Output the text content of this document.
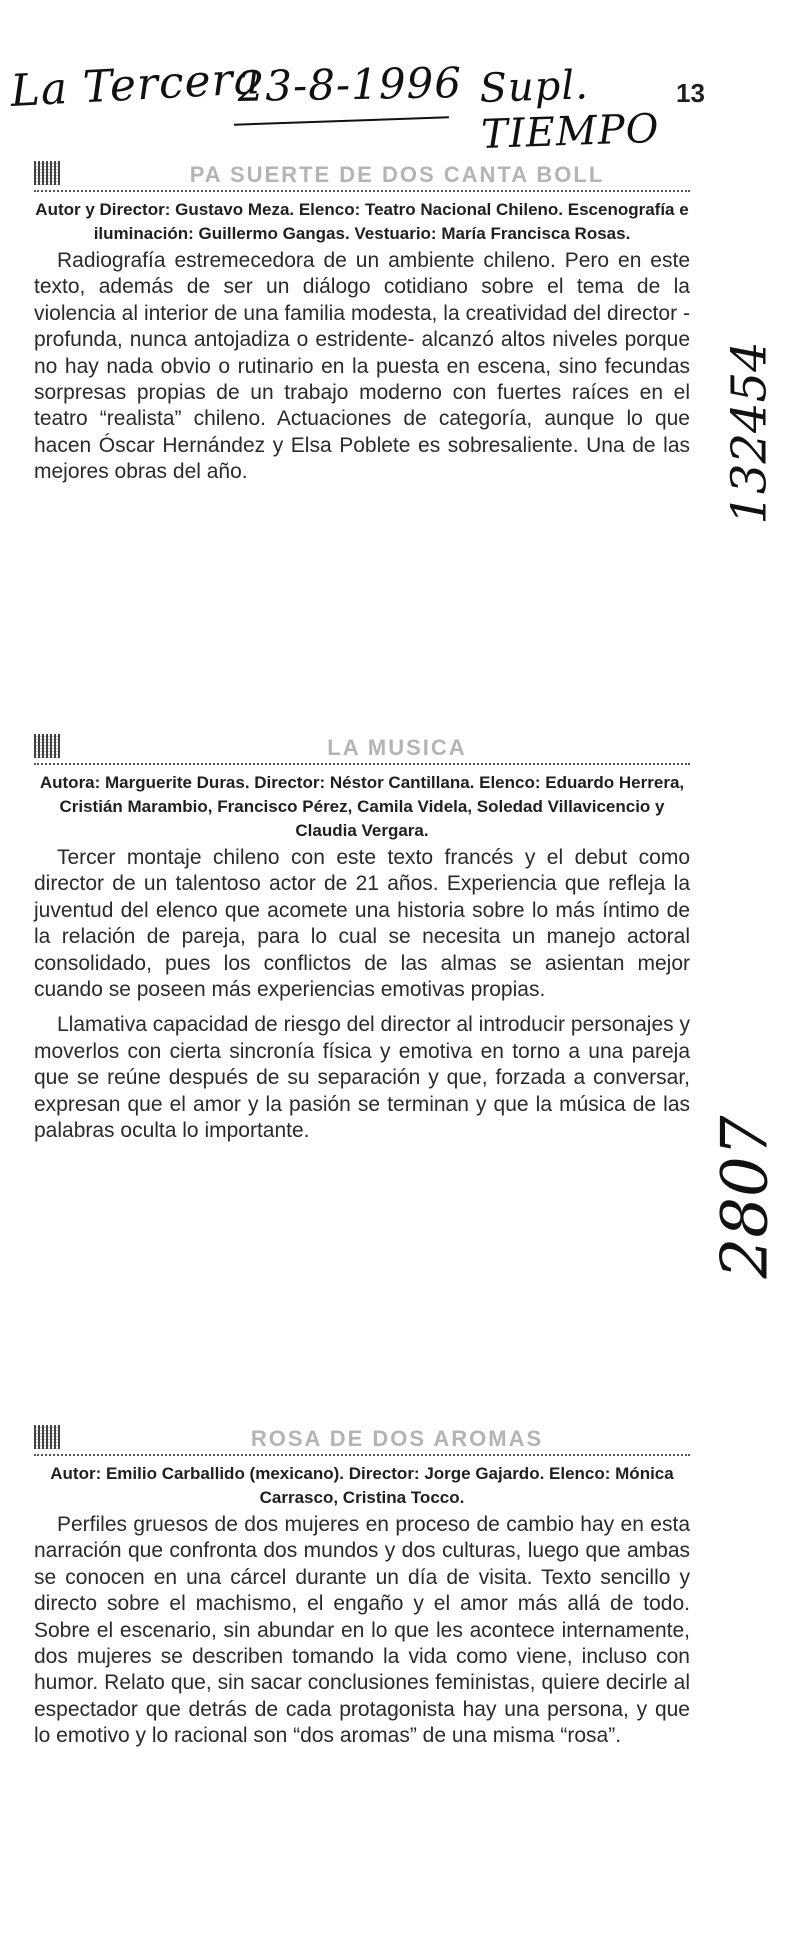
La Tercera
23-8-1996 Supl. TIEMPO
13
PA SUERTE DE DOS CANTA BOLL
Autor y Director: Gustavo Meza. Elenco: Teatro Nacional Chileno. Escenografía e iluminación: Guillermo Gangas. Vestuario: María Francisca Rosas.

Radiografía estremecedora de un ambiente chileno. Pero en este texto, además de ser un diálogo cotidiano sobre el tema de la violencia al interior de una familia modesta, la creatividad del director -profunda, nunca antojadiza o estridente- alcanzó altos niveles porque no hay nada obvio o rutinario en la puesta en escena, sino fecundas sorpresas propias de un trabajo moderno con fuertes raíces en el teatro “realista” chileno. Actuaciones de categoría, aunque lo que hacen Óscar Hernández y Elsa Poblete es sobresaliente. Una de las mejores obras del año.

LA MUSICA
Autora: Marguerite Duras. Director: Néstor Cantillana. Elenco: Eduardo Herrera, Cristián Marambio, Francisco Pérez, Camila Videla, Soledad Villavicencio y Claudia Vergara.

Tercer montaje chileno con este texto francés y el debut como director de un talentoso actor de 21 años. Experiencia que refleja la juventud del elenco que acomete una historia sobre lo más íntimo de la relación de pareja, para lo cual se necesita un manejo actoral consolidado, pues los conflictos de las almas se asientan mejor cuando se poseen más experiencias emotivas propias.

Llamativa capacidad de riesgo del director al introducir personajes y moverlos con cierta sincronía física y emotiva en torno a una pareja que se reúne después de su separación y que, forzada a conversar, expresan que el amor y la pasión se terminan y que la música de las palabras oculta lo importante.

ROSA DE DOS AROMAS
Autor: Emilio Carballido (mexicano). Director: Jorge Gajardo. Elenco: Mónica Carrasco, Cristina Tocco.

Perfiles gruesos de dos mujeres en proceso de cambio hay en esta narración que confronta dos mundos y dos culturas, luego que ambas se conocen en una cárcel durante un día de visita. Texto sencillo y directo sobre el machismo, el engaño y el amor más allá de todo. Sobre el escenario, sin abundar en lo que les acontece internamente, dos mujeres se describen tomando la vida como viene, incluso con humor. Relato que, sin sacar conclusiones feministas, quiere decirle al espectador que detrás de cada protagonista hay una persona, y que lo emotivo y lo racional son “dos aromas” de una misma “rosa”.

132454
2807
